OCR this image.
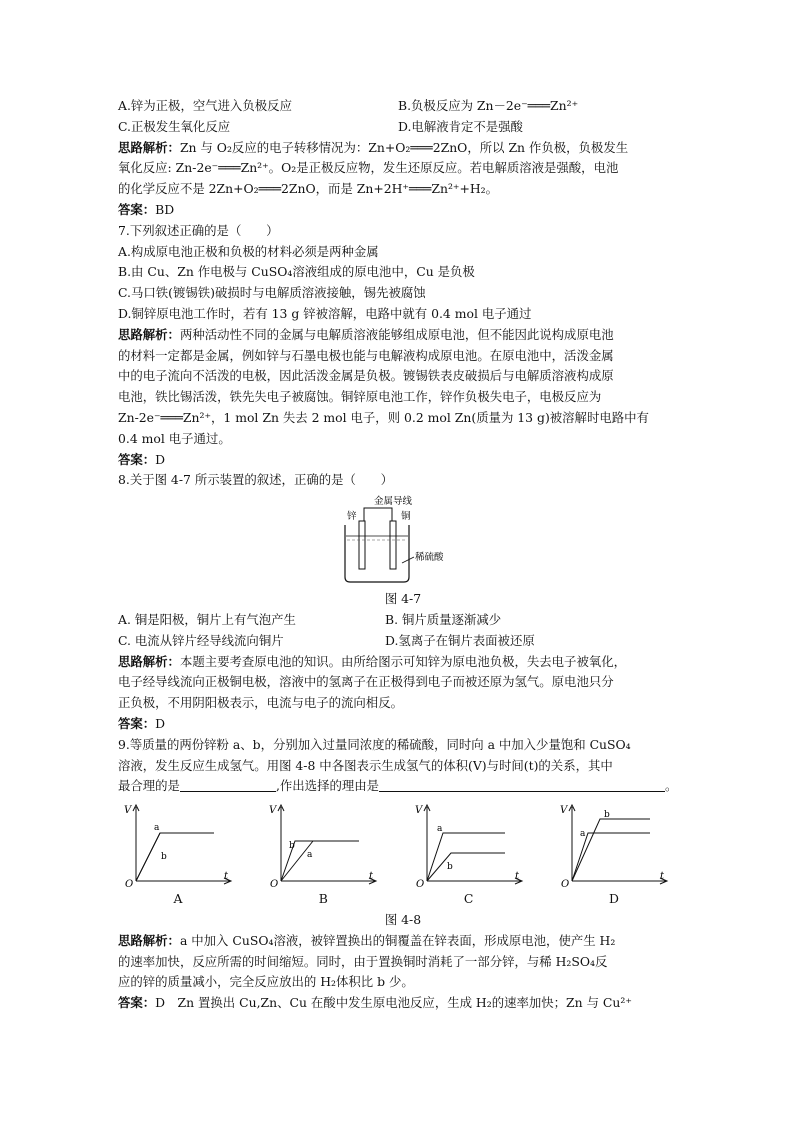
A.锌为正极，空气进入负极反应	B.负极反应为 Zn－2e⁻═══Zn²⁺
C.正极发生氧化反应	D.电解液肯定不是强酸
思路解析：Zn 与 O₂反应的电子转移情况为：Zn+O₂═══2ZnO，所以 Zn 作负极，负极发生
氧化反应: Zn-2e⁻═══Zn²⁺。O₂是正极反应物，发生还原反应。若电解质溶液是强酸，电池
的化学反应不是 2Zn+O₂═══2ZnO，而是 Zn+2H⁺═══Zn²⁺+H₂。
答案：BD
7.下列叙述正确的是（　　）
A.构成原电池正极和负极的材料必须是两种金属
B.由 Cu、Zn 作电极与 CuSO₄溶液组成的原电池中，Cu 是负极
C.马口铁(镀锡铁)破损时与电解质溶液接触，锡先被腐蚀
D.铜锌原电池工作时，若有 13 g 锌被溶解，电路中就有 0.4 mol 电子通过
思路解析：两种活动性不同的金属与电解质溶液能够组成原电池，但不能因此说构成原电池
的材料一定都是金属，例如锌与石墨电极也能与电解液构成原电池。在原电池中，活泼金属
中的电子流向不活泼的电极，因此活泼金属是负极。镀锡铁表皮破损后与电解质溶液构成原
电池，铁比锡活泼，铁先失电子被腐蚀。铜锌原电池工作，锌作负极失电子，电极反应为
Zn-2e⁻═══Zn²⁺，1 mol Zn 失去 2 mol 电子，则 0.2 mol Zn(质量为 13 g)被溶解时电路中有
0.4 mol 电子通过。
答案：D
8.关于图 4-7 所示装置的叙述，正确的是（　　）
金属导线
锌	铜
稀硫酸
图 4-7
A. 铜是阳极，铜片上有气泡产生	B. 铜片质量逐渐减少
C. 电流从锌片经导线流向铜片	D.氢离子在铜片表面被还原
思路解析：本题主要考查原电池的知识。由所给图示可知锌为原电池负极，失去电子被氧化，
电子经导线流向正极铜电极，溶液中的氢离子在正极得到电子而被还原为氢气。原电池只分
正负极，不用阴阳极表示，电流与电子的流向相反。
答案：D
9.等质量的两份锌粉 a、b，分别加入过量同浓度的稀硫酸，同时向 a 中加入少量饱和 CuSO₄
溶液，发生反应生成氢气。用图 4-8 中各图表示生成氢气的体积(V)与时间(t)的关系，其中
最合理的是	,作出选择的理由是	。
V
t
O
a
b
A
V
t
O
b
a
B
V
t
O
a
b
C
V
t
O
a
b
D
图 4-8
思路解析：a 中加入 CuSO₄溶液，被锌置换出的铜覆盖在锌表面，形成原电池，使产生 H₂
的速率加快，反应所需的时间缩短。同时，由于置换铜时消耗了一部分锌，与稀 H₂SO₄反
应的锌的质量减小，完全反应放出的 H₂体积比 b 少。
答案：D　Zn 置换出 Cu,Zn、Cu 在酸中发生原电池反应，生成 H₂的速率加快；Zn 与 Cu²⁺
